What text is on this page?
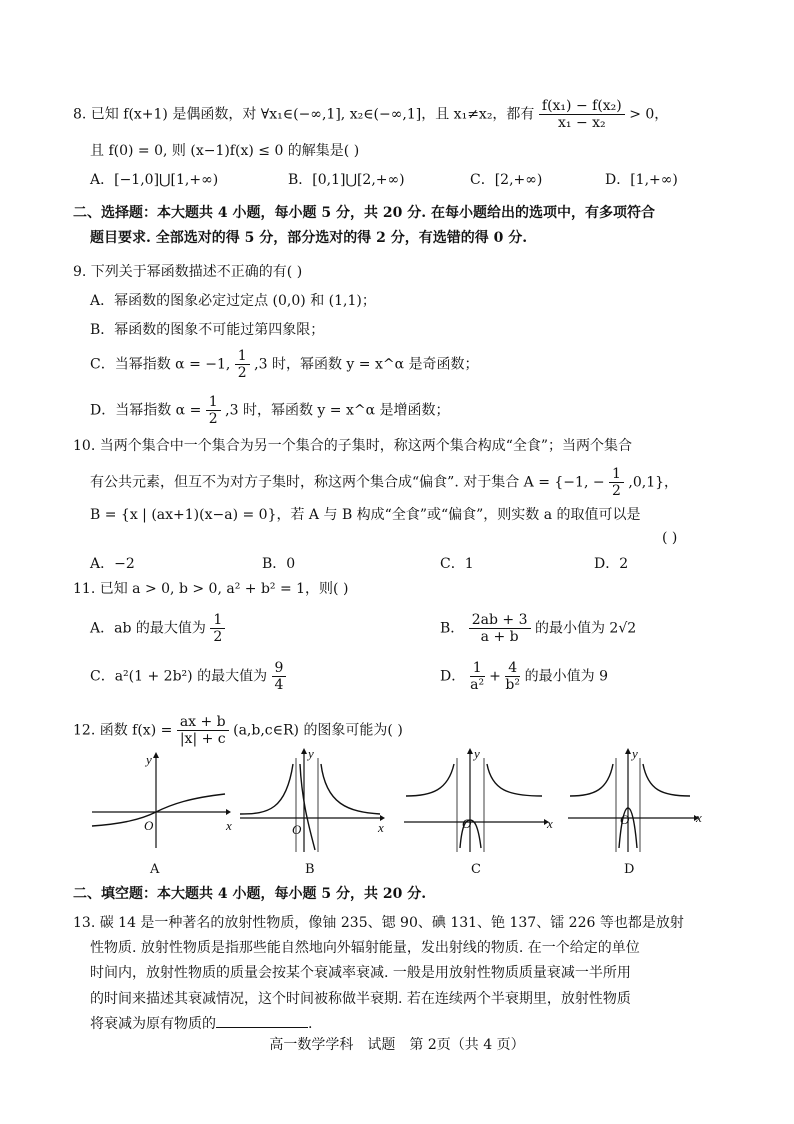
8. 已知 f(x+1) 是偶函数，对 ∀x₁∈(−∞,1], x₂∈(−∞,1]，且 x₁≠x₂，都有 $\frac{\text{f(x₁) − f(x₂)}}{\text{x₁ − x₂}} > 0$，
且 f(0) = 0, 则 (x−1)f(x) ≤ 0 的解集是( )
A．[−1,0]⋃[1,+∞)	B．[0,1]⋃[2,+∞)	C．[2,+∞)	D．[1,+∞)
二、选择题：本大题共 4 小题，每小题 5 分，共 20 分. 在每小题给出的选项中，有多项符合
题目要求. 全部选对的得 5 分，部分选对的得 2 分，有选错的得 0 分.
9. 下列关于幂函数描述不正确的有( )
A．幂函数的图象必定过定点 (0,0) 和 (1,1)；
B．幂函数的图象不可能过第四象限；
C．当幂指数 α = −1, $\frac{1}{2} ,3$ 时，幂函数 y = x^α 是奇函数；
D．当幂指数 $\alpha = \frac{1}{2} ,3$ 时，幂函数 y = x^α 是增函数；
10. 当两个集合中一个集合为另一个集合的子集时，称这两个集合构成“全食”；当两个集合
有公共元素，但互不为对方子集时，称这两个集合成“偏食”. 对于集合 A = {−1, − $\frac{1}{2} ,0,1$}，
B = {x | (ax+1)(x−a) = 0}，若 A 与 B 构成“全食”或“偏食”，则实数 a 的取值可以是
( )
A．−2	B．0	C．1	D．2
11. 已知 a > 0, b > 0, a² + b² = 1，则( )
A．ab 的最大值为 $\frac{1}{2}$	B． $\frac{2ab + 3}{a + b}$ 的最小值为 2√2
C．a²(1 + 2b²) 的最大值为 $\frac{9}{4}$	D． $\frac{1}{\text{a²}} + \frac{4}{\text{b²}}$ 的最小值为 9
12. 函数 $f(x) = \frac{ax + b}{|x| + c}$ (a,b,c∈R) 的图象可能为( )
y
x
O
A
y
x
O
B
y
x
O
C
y
x
O
D
二、填空题：本大题共 4 小题，每小题 5 分，共 20 分.
13. 碳 14 是一种著名的放射性物质，像铀 235、锶 90、碘 131、铯 137、镭 226 等也都是放射
性物质. 放射性物质是指那些能自然地向外辐射能量，发出射线的物质. 在一个给定的单位
时间内，放射性物质的质量会按某个衰减率衰减. 一般是用放射性物质质量衰减一半所用
的时间来描述其衰减情况，这个时间被称做半衰期. 若在连续两个半衰期里，放射性物质
将衰减为原有物质的	.
高一数学学科　试题　第 2页（共 4 页）
